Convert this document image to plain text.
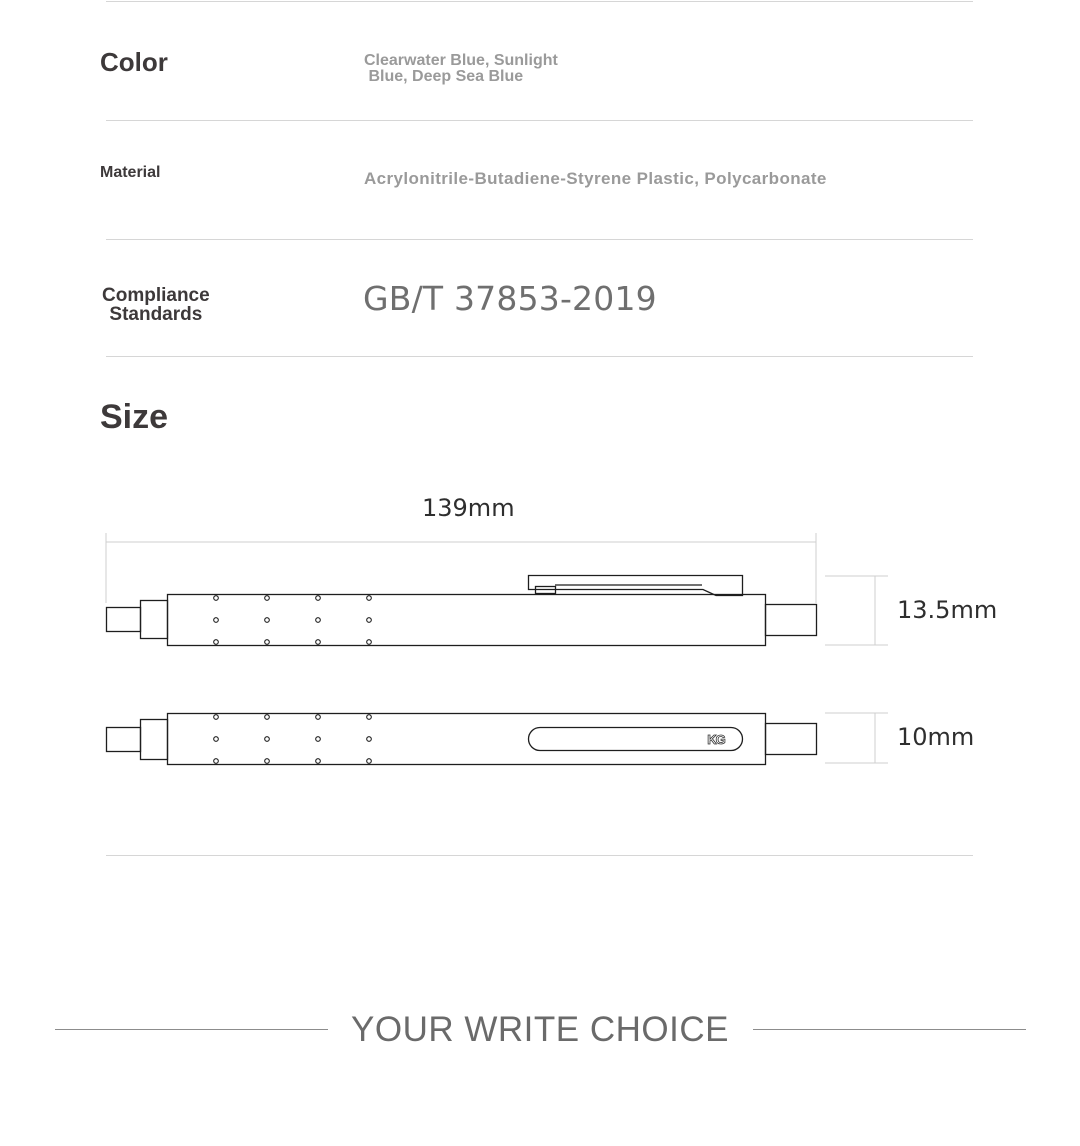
Color	Clearwater Blue, Sunlight
Blue, Deep Sea Blue
Material	Acrylonitrile-Butadiene-Styrene Plastic, Polycarbonate
Compliance
Standards	GB/T 37853-2019
Size
KG
139mm
13.5mm
10mm
YOUR WRITE CHOICE
